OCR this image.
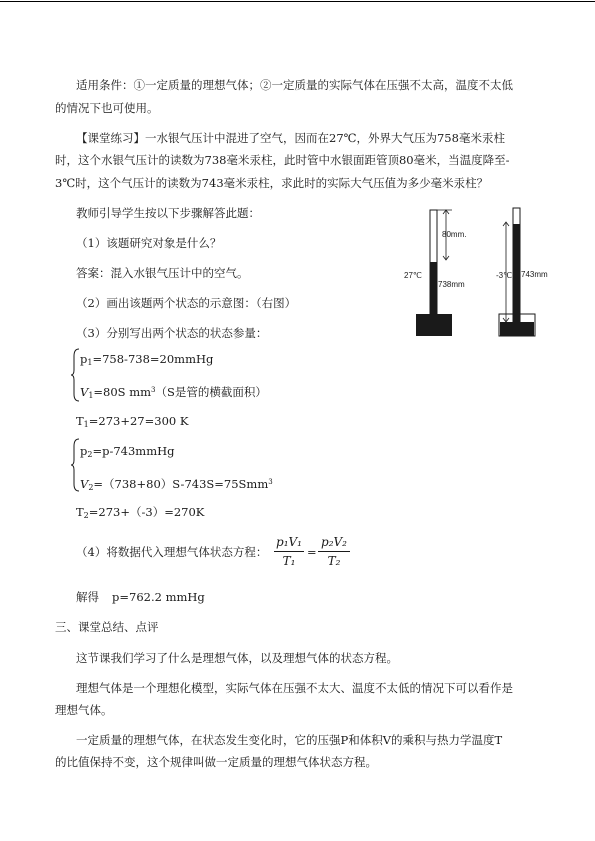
适用条件：①一定质量的理想气体；②一定质量的实际气体在压强不太高，温度不太低
的情况下也可使用。
【课堂练习】一水银气压计中混进了空气，因而在27℃，外界大气压为758毫米汞柱
时，这个水银气压计的读数为738毫米汞柱，此时管中水银面距管顶80毫米，当温度降至-
3℃时，这个气压计的读数为743毫米汞柱，求此时的实际大气压值为多少毫米汞柱？
教师引导学生按以下步骤解答此题：
（1）该题研究对象是什么？
答案：混入水银气压计中的空气。
（2）画出该题两个状态的示意图：（右图）
（3）分别写出两个状态的状态参量：
$p_1=758-738=20mmHg$
$V_1=80S$ $mm^3(S$是管的横截面积）
$T_1=273+27=300$ K
$p_2=p-743mmHg$
$V_2=(738+80)S-743S=75Smm^3$
$T_2=273+(-3)=270K$
（4）将数据代入理想气体状态方程：
p₁V₁
T₁
=
p₂V₂
T₂
解得 p=762.2 mmHg
三、课堂总结、点评
这节课我们学习了什么是理想气体，以及理想气体的状态方程。
理想气体是一个理想化模型，实际气体在压强不太大、温度不太低的情况下可以看作是
理想气体。
一定质量的理想气体，在状态发生变化时，它的压强P和体积V的乘积与热力学温度T
的比值保持不变，这个规律叫做一定质量的理想气体状态方程。
80mm.
27℃
738mm
-3℃ 743mm
